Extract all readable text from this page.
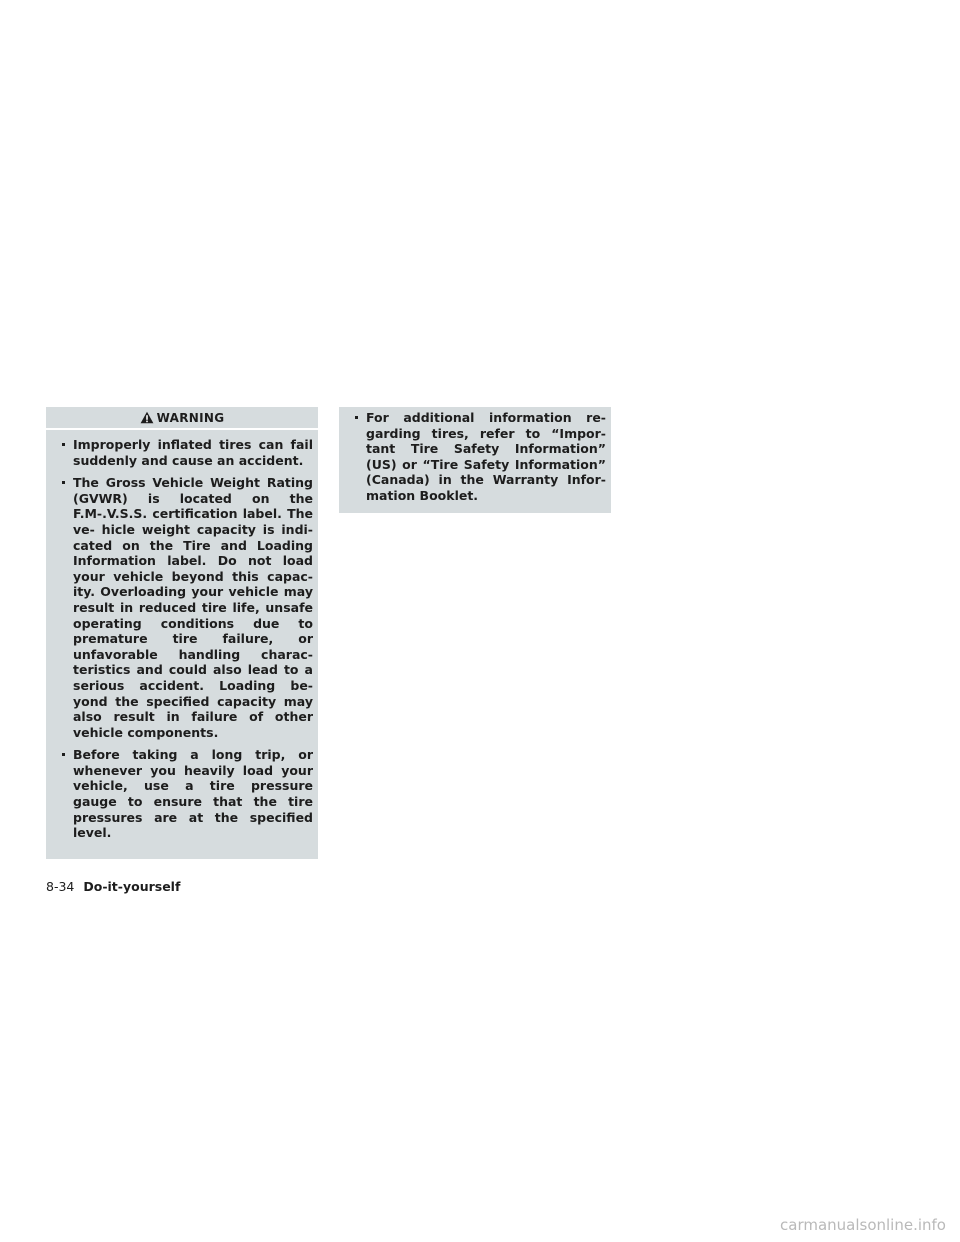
WARNING
Improperly inflated tires can fail suddenly and cause an accident.
The Gross Vehicle Weight Rating (GVWR) is located on the F.M-.V.S.S. certification label. The ve- hicle weight capacity is indi- cated on the Tire and Loading Information label. Do not load your vehicle beyond this capac- ity. Overloading your vehicle may result in reduced tire life, unsafe operating conditions due to premature tire failure, or unfavorable handling charac- teristics and could also lead to a serious accident. Loading be- yond the specified capacity may also result in failure of other vehicle components.
Before taking a long trip, or whenever you heavily load your vehicle, use a tire pressure gauge to ensure that the tire pressures are at the specified level.
For additional information re- garding tires, refer to “Impor- tant Tire Safety Information” (US) or “Tire Safety Information” (Canada) in the Warranty Infor- mation Booklet.
8-34 Do-it-yourself
carmanualsonline.info
